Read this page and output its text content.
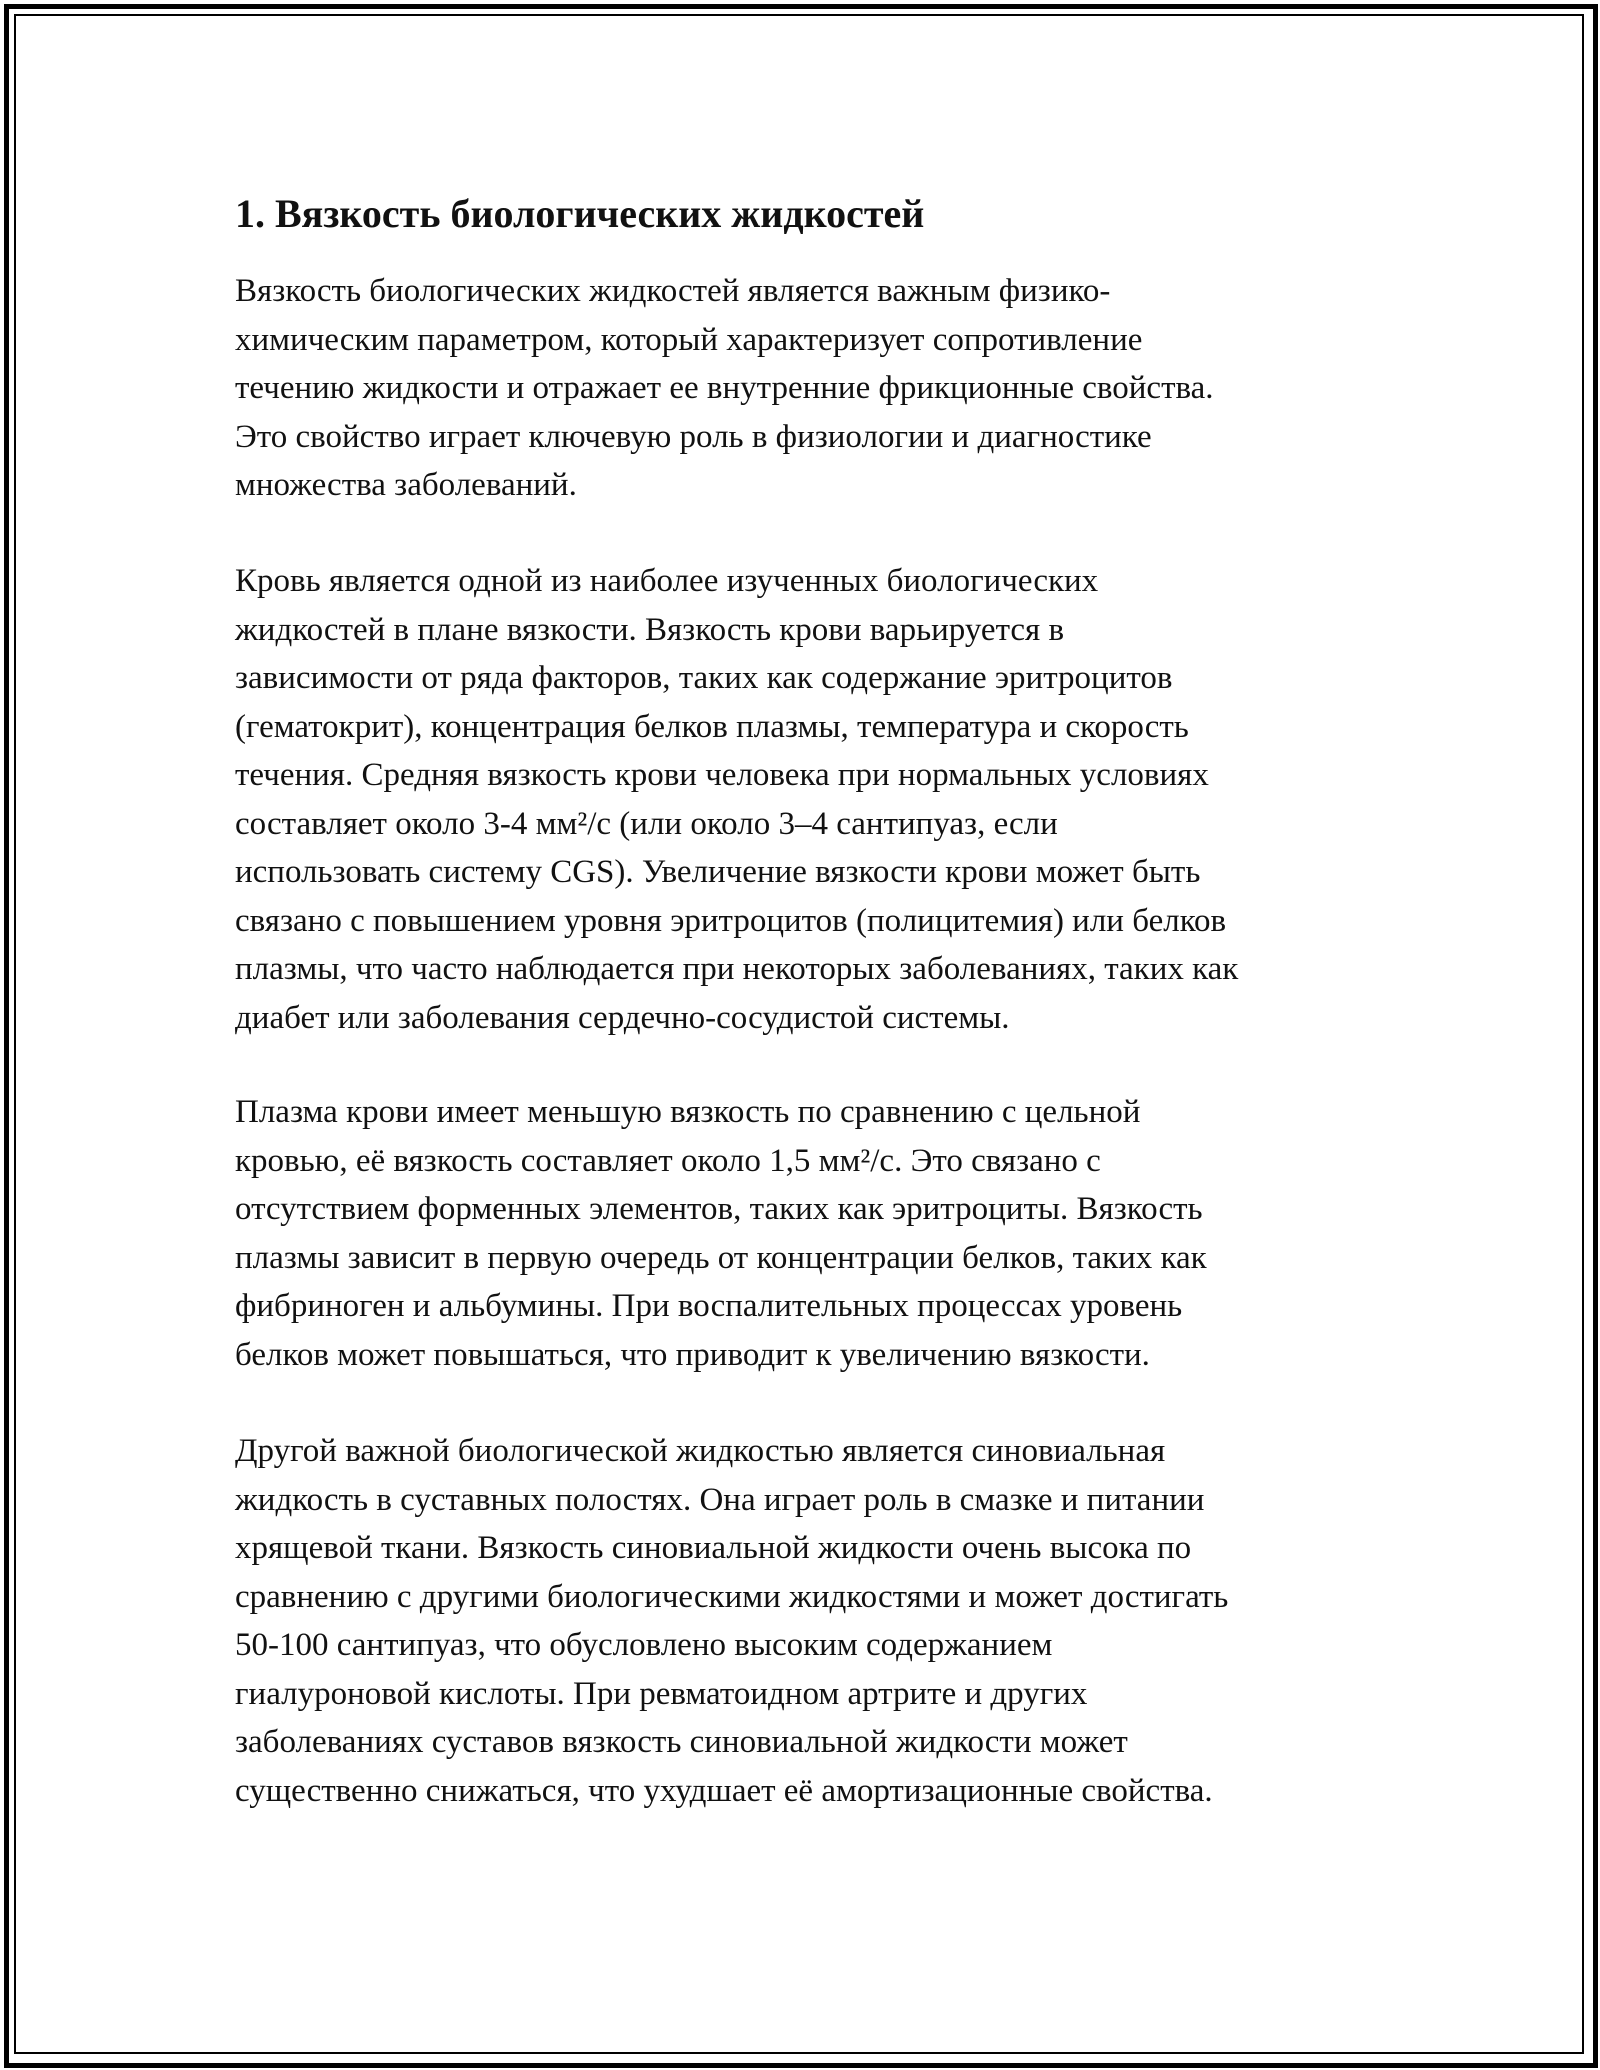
1. Вязкость биологических жидкостей

Вязкость биологических жидкостей является важным физико-
химическим параметром, который характеризует сопротивление
течению жидкости и отражает ее внутренние фрикционные свойства.
Это свойство играет ключевую роль в физиологии и диагностике
множества заболеваний.

Кровь является одной из наиболее изученных биологических
жидкостей в плане вязкости. Вязкость крови варьируется в
зависимости от ряда факторов, таких как содержание эритроцитов
(гематокрит), концентрация белков плазмы, температура и скорость
течения. Средняя вязкость крови человека при нормальных условиях
составляет около 3-4 мм²/с (или около 3–4 сантипуаз, если
использовать систему CGS). Увеличение вязкости крови может быть
связано с повышением уровня эритроцитов (полицитемия) или белков
плазмы, что часто наблюдается при некоторых заболеваниях, таких как
диабет или заболевания сердечно-сосудистой системы.

Плазма крови имеет меньшую вязкость по сравнению с цельной
кровью, её вязкость составляет около 1,5 мм²/с. Это связано с
отсутствием форменных элементов, таких как эритроциты. Вязкость
плазмы зависит в первую очередь от концентрации белков, таких как
фибриноген и альбумины. При воспалительных процессах уровень
белков может повышаться, что приводит к увеличению вязкости.

Другой важной биологической жидкостью является синовиальная
жидкость в суставных полостях. Она играет роль в смазке и питании
хрящевой ткани. Вязкость синовиальной жидкости очень высока по
сравнению с другими биологическими жидкостями и может достигать
50-100 сантипуаз, что обусловлено высоким содержанием
гиалуроновой кислоты. При ревматоидном артрите и других
заболеваниях суставов вязкость синовиальной жидкости может
существенно снижаться, что ухудшает её амортизационные свойства.
